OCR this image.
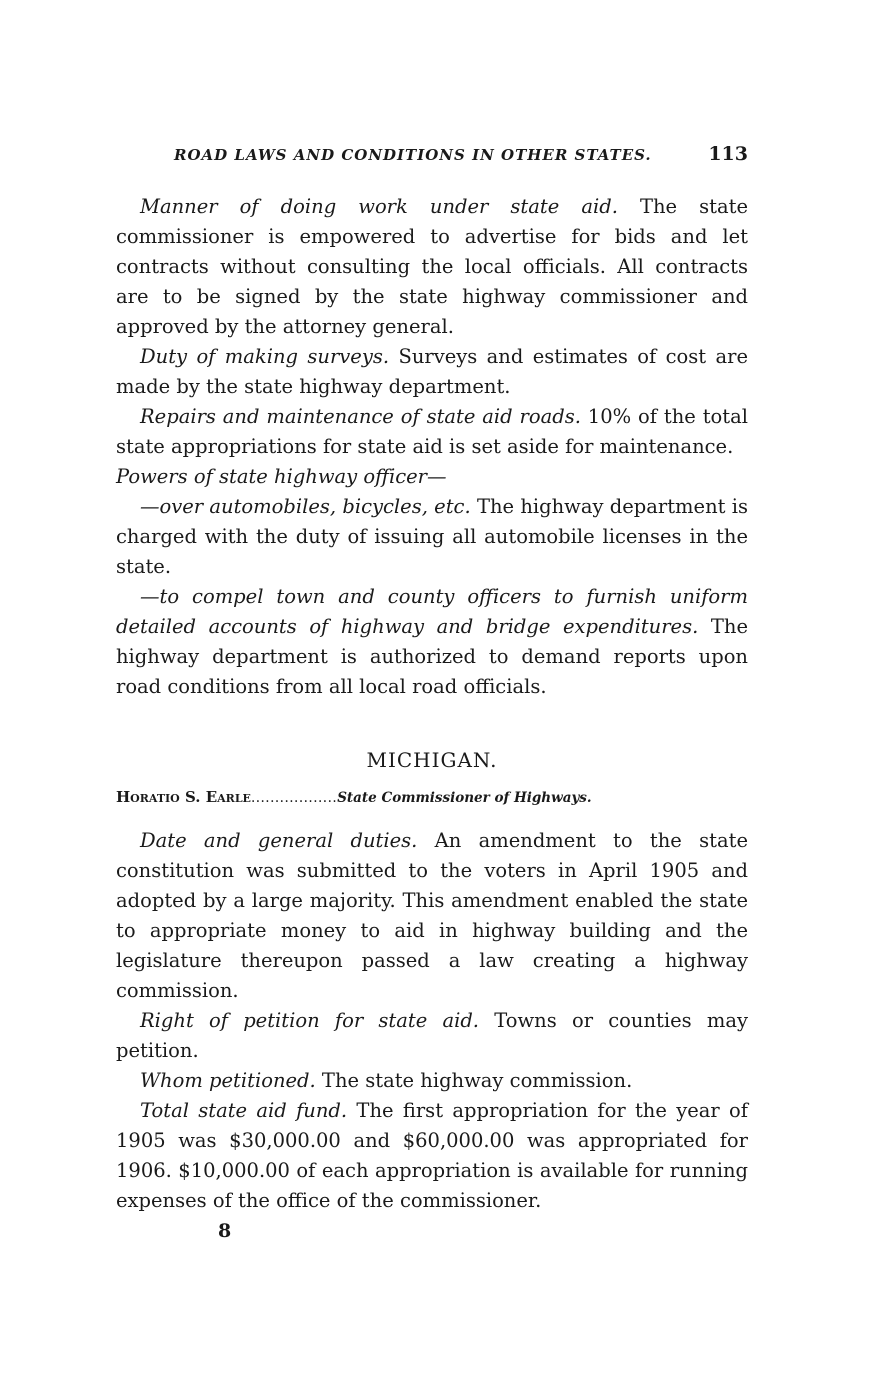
ROAD LAWS AND CONDITIONS IN OTHER STATES.	113

Manner of doing work under state aid. The state commissioner is empowered to advertise for bids and let contracts without consulting the local officials. All contracts are to be signed by the state highway commissioner and approved by the attorney general.

Duty of making surveys. Surveys and estimates of cost are made by the state highway department.

Repairs and maintenance of state aid roads. 10% of the total state appropriations for state aid is set aside for maintenance.

Powers of state highway officer—

—over automobiles, bicycles, etc. The highway department is charged with the duty of issuing all automobile licenses in the state.

—to compel town and county officers to furnish uniform detailed accounts of highway and bridge expenditures. The highway department is authorized to demand reports upon road conditions from all local road officials.

MICHIGAN.

Horatio S. Earle..................State Commissioner of Highways.

Date and general duties. An amendment to the state constitution was submitted to the voters in April 1905 and adopted by a large majority. This amendment enabled the state to appropriate money to aid in highway building and the legislature thereupon passed a law creating a highway commission.

Right of petition for state aid. Towns or counties may petition.

Whom petitioned. The state highway commission.

Total state aid fund. The first appropriation for the year of 1905 was $30,000.00 and $60,000.00 was appropriated for 1906. $10,000.00 of each appropriation is available for running expenses of the office of the commissioner.

8
